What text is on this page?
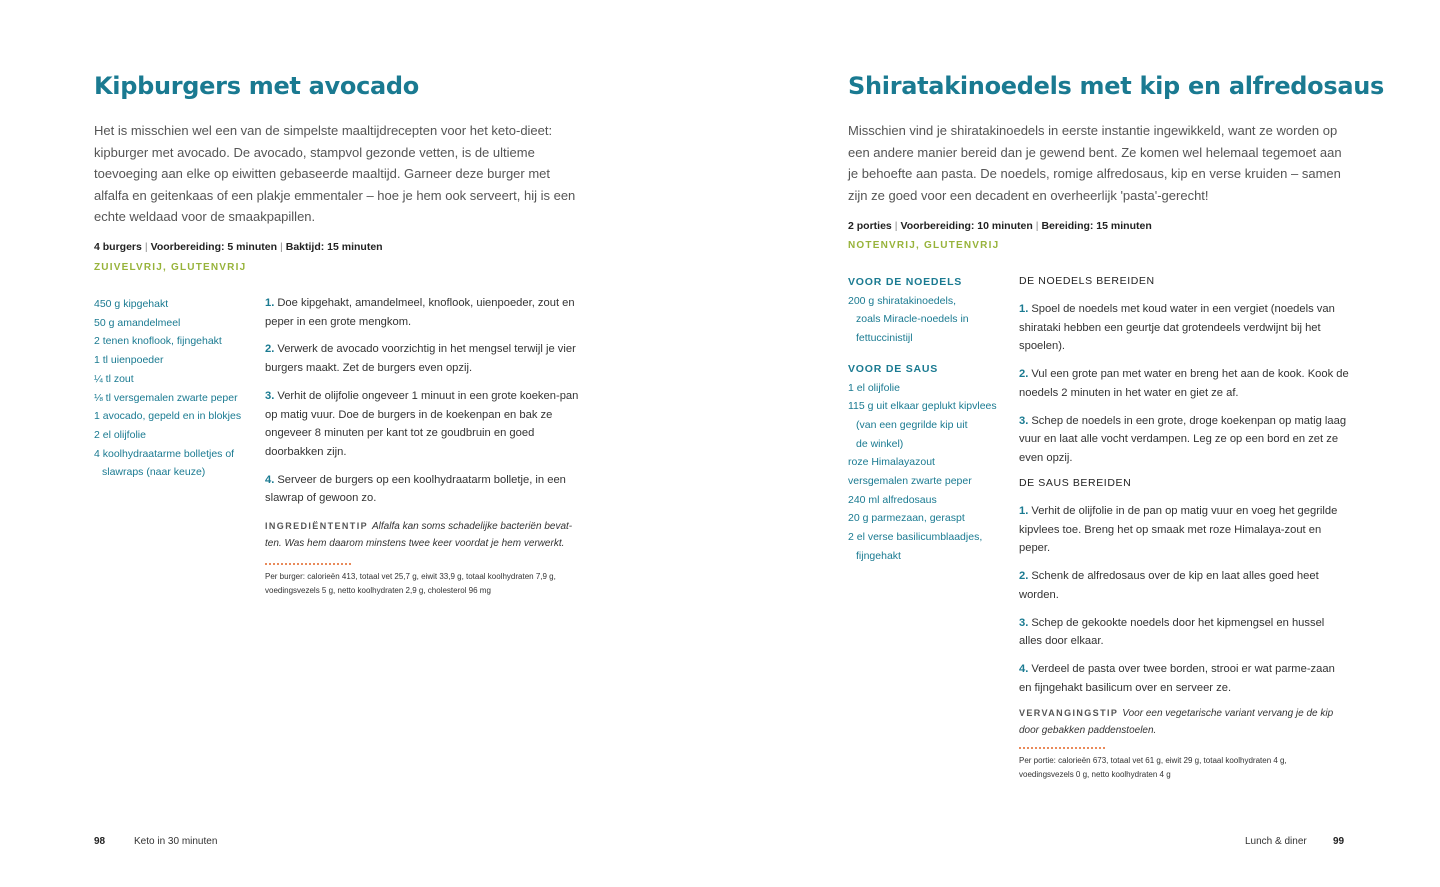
Kipburgers met avocado

Het is misschien wel een van de simpelste maaltijdrecepten voor het keto-dieet: kipburger met avocado. De avocado, stampvol gezonde vetten, is de ultieme toevoeging aan elke op eiwitten gebaseerde maaltijd. Garneer deze burger met alfalfa en geitenkaas of een plakje emmentaler – hoe je hem ook serveert, hij is een echte weldaad voor de smaakpapillen.

4 burgers | Voorbereiding: 5 minuten | Baktijd: 15 minuten
ZUIVELVRIJ, GLUTENVRIJ
450 g kipgehakt
50 g amandelmeel
2 tenen knoflook, fijngehakt
1 tl uienpoeder
¼ tl zout
⅛ tl versgemalen zwarte peper
1 avocado, gepeld en in blokjes
2 el olijfolie
4 koolhydraatarme bolletjes of
slawraps (naar keuze)
1. Doe kipgehakt, amandelmeel, knoflook, uienpoeder, zout en peper in een grote mengkom.
2. Verwerk de avocado voorzichtig in het mengsel terwijl je vier burgers maakt. Zet de burgers even opzij.
3. Verhit de olijfolie ongeveer 1 minuut in een grote koeken-pan op matig vuur. Doe de burgers in de koekenpan en bak ze ongeveer 8 minuten per kant tot ze goudbruin en goed doorbakken zijn.
4. Serveer de burgers op een koolhydraatarm bolletje, in een slawrap of gewoon zo.
INGREDIËNTENTIP Alfalfa kan soms schadelijke bacteriën bevat-ten. Was hem daarom minstens twee keer voordat je hem verwerkt.
Per burger: calorieën 413, totaal vet 25,7 g, eiwit 33,9 g, totaal koolhydraten 7,9 g, voedingsvezels 5 g, netto koolhydraten 2,9 g, cholesterol 96 mg
98	Keto in 30 minuten
Shiratakinoedels met kip en alfredosaus

Misschien vind je shiratakinoedels in eerste instantie ingewikkeld, want ze worden op een andere manier bereid dan je gewend bent. Ze komen wel helemaal tegemoet aan je behoefte aan pasta. De noedels, romige alfredosaus, kip en verse kruiden – samen zijn ze goed voor een decadent en overheerlijk 'pasta'-gerecht!

2 porties | Voorbereiding: 10 minuten | Bereiding: 15 minuten
NOTENVRIJ, GLUTENVRIJ
VOOR DE NOEDELS
200 g shiratakinoedels,
zoals Miracle-noedels in
fettuccinistijl
VOOR DE SAUS
1 el olijfolie
115 g uit elkaar geplukt kipvlees
(van een gegrilde kip uit
de winkel)
roze Himalayazout
versgemalen zwarte peper
240 ml alfredosaus
20 g parmezaan, geraspt
2 el verse basilicumblaadjes,
fijngehakt
DE NOEDELS BEREIDEN
1. Spoel de noedels met koud water in een vergiet (noedels van shirataki hebben een geurtje dat grotendeels verdwijnt bij het spoelen).
2. Vul een grote pan met water en breng het aan de kook. Kook de noedels 2 minuten in het water en giet ze af.
3. Schep de noedels in een grote, droge koekenpan op matig laag vuur en laat alle vocht verdampen. Leg ze op een bord en zet ze even opzij.
DE SAUS BEREIDEN
1. Verhit de olijfolie in de pan op matig vuur en voeg het gegrilde kipvlees toe. Breng het op smaak met roze Himalaya-zout en peper.
2. Schenk de alfredosaus over de kip en laat alles goed heet worden.
3. Schep de gekookte noedels door het kipmengsel en hussel alles door elkaar.
4. Verdeel de pasta over twee borden, strooi er wat parme-zaan en fijngehakt basilicum over en serveer ze.
VERVANGINGSTIP Voor een vegetarische variant vervang je de kip door gebakken paddenstoelen.
Per portie: calorieën 673, totaal vet 61 g, eiwit 29 g, totaal koolhydraten 4 g, voedingsvezels 0 g, netto koolhydraten 4 g
Lunch & diner	99
